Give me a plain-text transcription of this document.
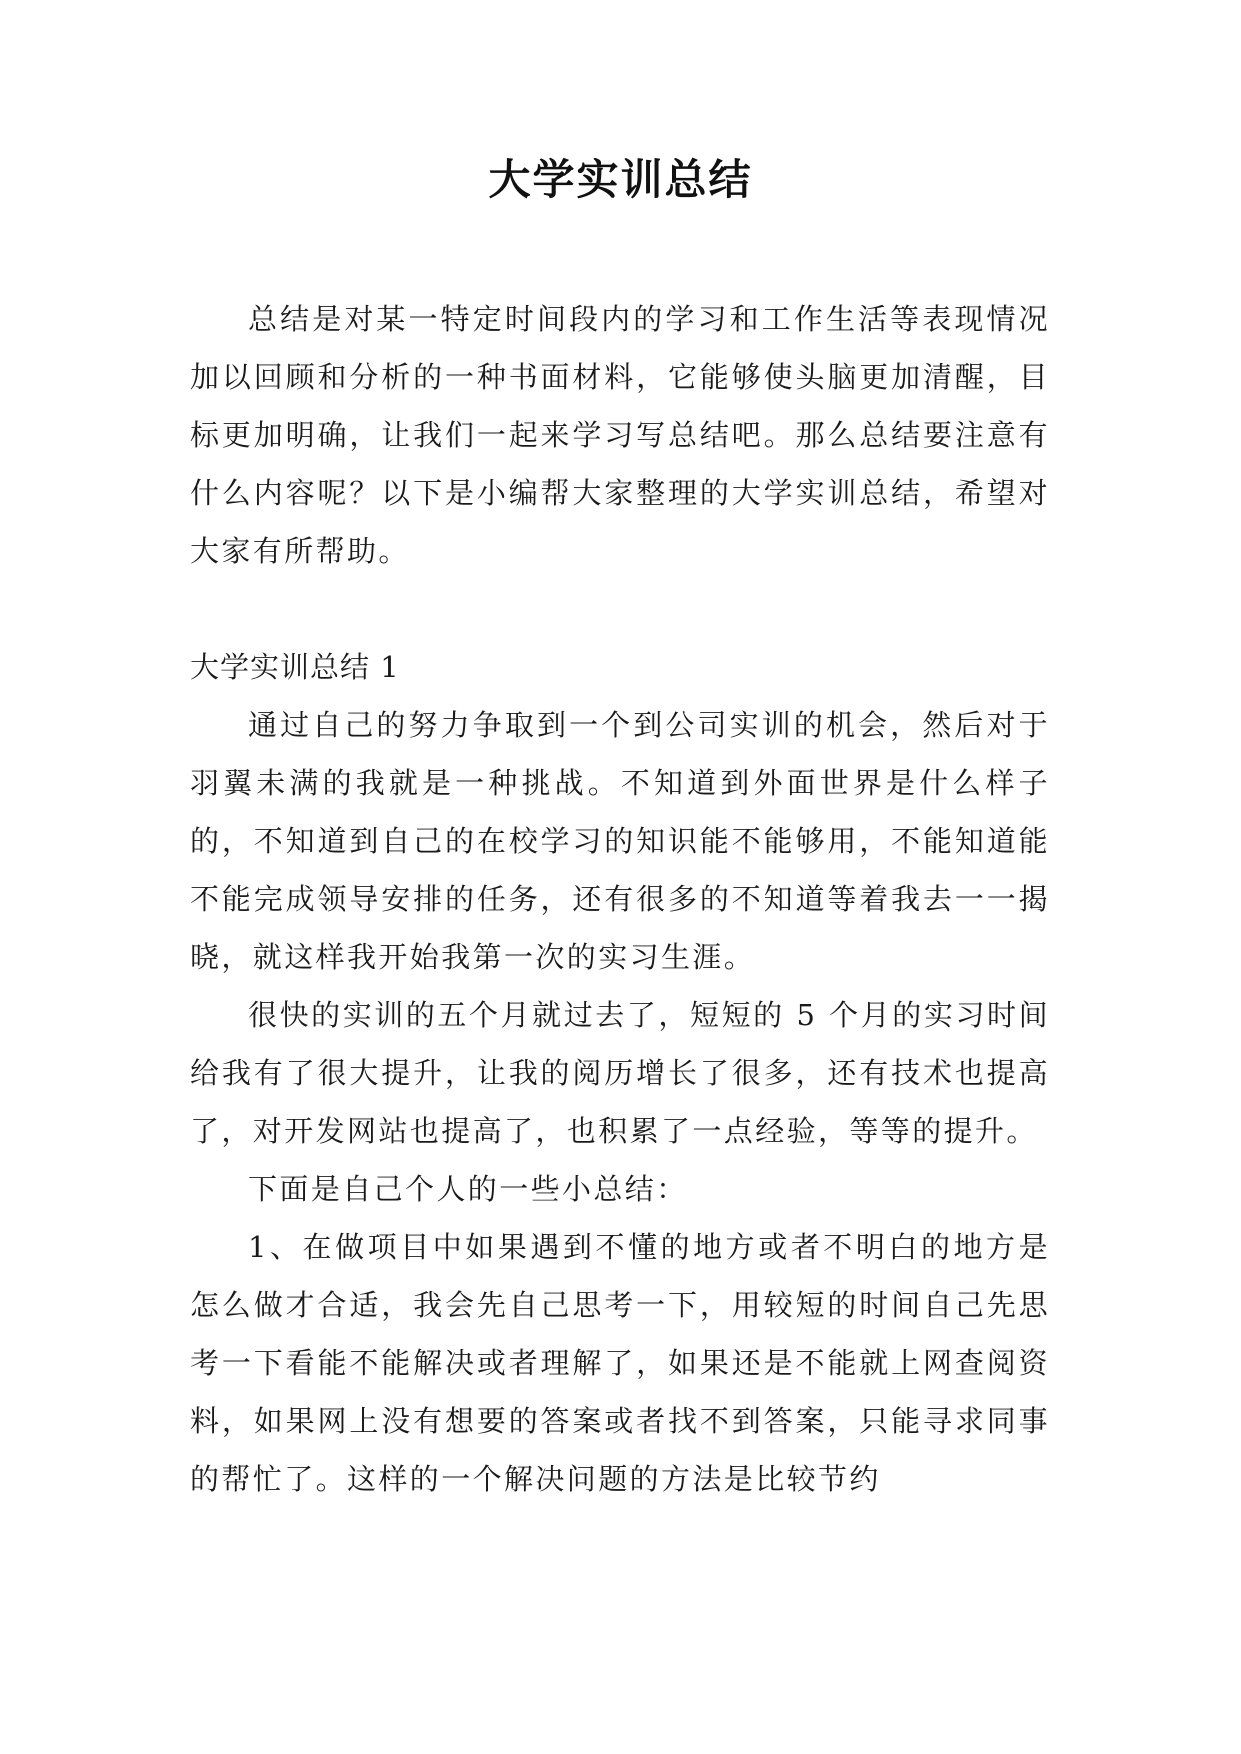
大学实训总结

总结是对某一特定时间段内的学习和工作生活等表现情况加以回顾和分析的一种书面材料，它能够使头脑更加清醒，目标更加明确，让我们一起来学习写总结吧。那么总结要注意有什么内容呢？以下是小编帮大家整理的大学实训总结，希望对大家有所帮助。

大学实训总结 1

通过自己的努力争取到一个到公司实训的机会，然后对于羽翼未满的我就是一种挑战。不知道到外面世界是什么样子的，不知道到自己的在校学习的知识能不能够用，不能知道能不能完成领导安排的任务，还有很多的不知道等着我去一一揭晓，就这样我开始我第一次的实习生涯。

很快的实训的五个月就过去了，短短的 5 个月的实习时间给我有了很大提升，让我的阅历增长了很多，还有技术也提高了，对开发网站也提高了，也积累了一点经验，等等的提升。

下面是自己个人的一些小总结：

1、在做项目中如果遇到不懂的地方或者不明白的地方是怎么做才合适，我会先自己思考一下，用较短的时间自己先思考一下看能不能解决或者理解了，如果还是不能就上网查阅资料，如果网上没有想要的答案或者找不到答案，只能寻求同事的帮忙了。这样的一个解决问题的方法是比较节约
